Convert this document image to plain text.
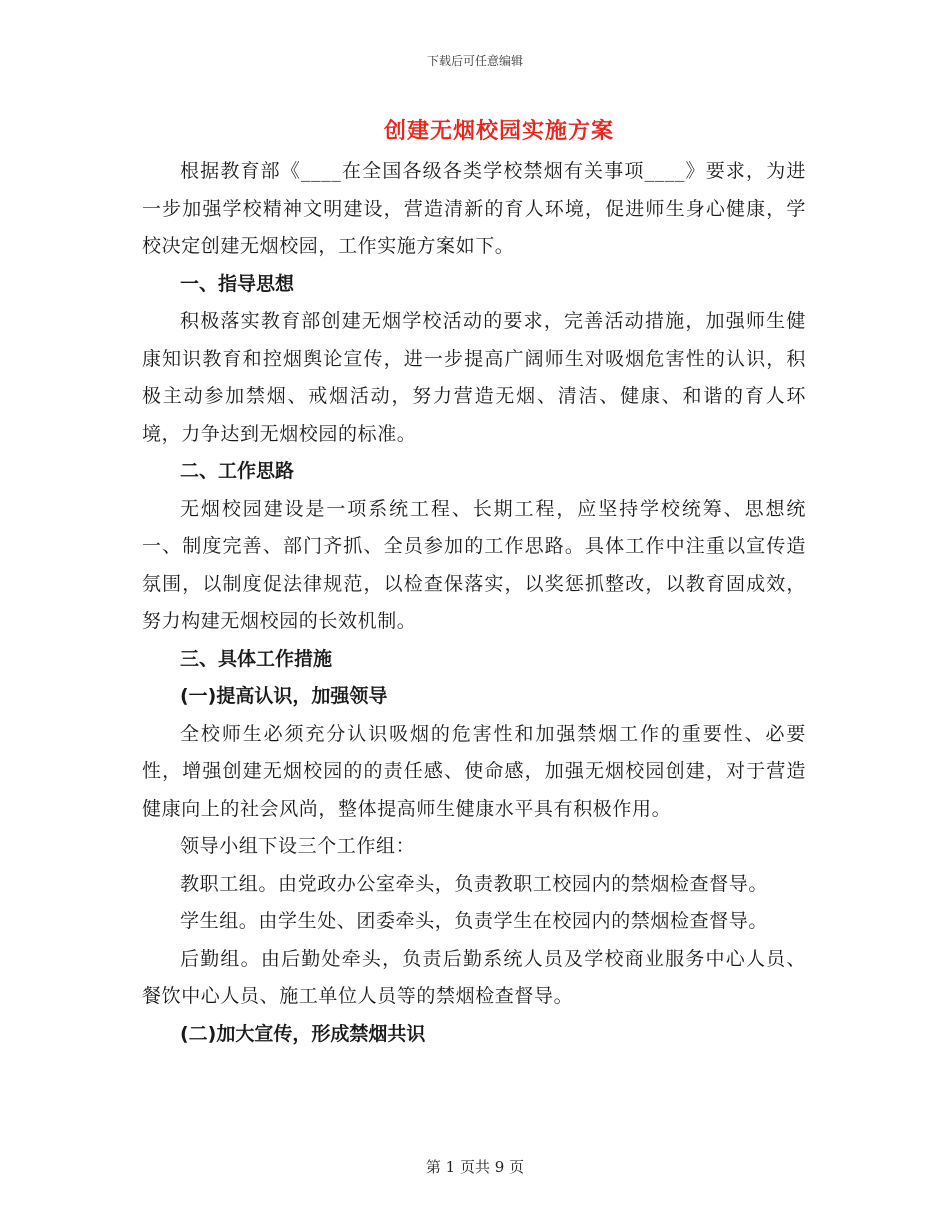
下载后可任意编辑
创建无烟校园实施方案

根据教育部《____在全国各级各类学校禁烟有关事项____》要求，为进一步加强学校精神文明建设，营造清新的育人环境，促进师生身心健康，学校决定创建无烟校园，工作实施方案如下。

一、指导思想

积极落实教育部创建无烟学校活动的要求，完善活动措施，加强师生健康知识教育和控烟舆论宣传，进一步提高广阔师生对吸烟危害性的认识，积极主动参加禁烟、戒烟活动，努力营造无烟、清洁、健康、和谐的育人环境，力争达到无烟校园的标准。

二、工作思路

无烟校园建设是一项系统工程、长期工程，应坚持学校统筹、思想统一、制度完善、部门齐抓、全员参加的工作思路。具体工作中注重以宣传造氛围，以制度促法律规范，以检查保落实，以奖惩抓整改，以教育固成效，努力构建无烟校园的长效机制。

三、具体工作措施

(一)提高认识，加强领导

全校师生必须充分认识吸烟的危害性和加强禁烟工作的重要性、必要性，增强创建无烟校园的的责任感、使命感，加强无烟校园创建，对于营造健康向上的社会风尚，整体提高师生健康水平具有积极作用。

领导小组下设三个工作组：

教职工组。由党政办公室牵头，负责教职工校园内的禁烟检查督导。

学生组。由学生处、团委牵头，负责学生在校园内的禁烟检查督导。

后勤组。由后勤处牵头，负责后勤系统人员及学校商业服务中心人员、餐饮中心人员、施工单位人员等的禁烟检查督导。

(二)加大宣传，形成禁烟共识

第 1 页共 9 页
